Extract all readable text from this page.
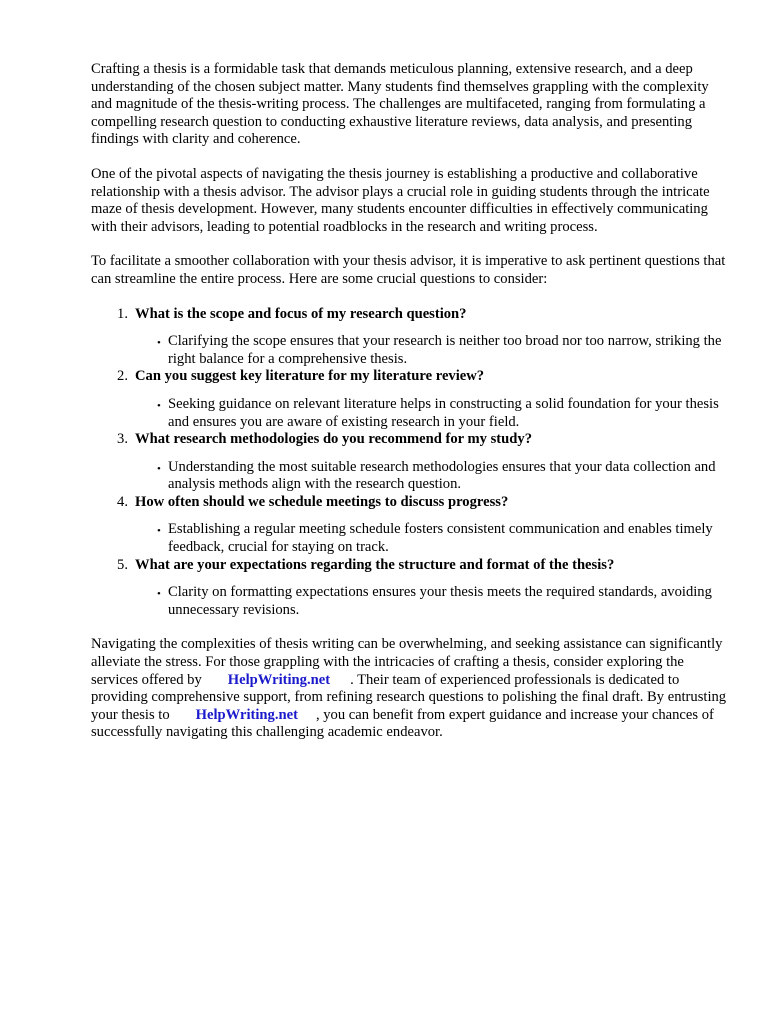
Crafting a thesis is a formidable task that demands meticulous planning, extensive research, and a deep understanding of the chosen subject matter. Many students find themselves grappling with the complexity and magnitude of the thesis-writing process. The challenges are multifaceted, ranging from formulating a compelling research question to conducting exhaustive literature reviews, data analysis, and presenting findings with clarity and coherence.

One of the pivotal aspects of navigating the thesis journey is establishing a productive and collaborative relationship with a thesis advisor. The advisor plays a crucial role in guiding students through the intricate maze of thesis development. However, many students encounter difficulties in effectively communicating with their advisors, leading to potential roadblocks in the research and writing process.

To facilitate a smoother collaboration with your thesis advisor, it is imperative to ask pertinent questions that can streamline the entire process. Here are some crucial questions to consider:

1. What is the scope and focus of my research question?
• Clarifying the scope ensures that your research is neither too broad nor too narrow, striking the right balance for a comprehensive thesis.
2. Can you suggest key literature for my literature review?
• Seeking guidance on relevant literature helps in constructing a solid foundation for your thesis and ensures you are aware of existing research in your field.
3. What research methodologies do you recommend for my study?
• Understanding the most suitable research methodologies ensures that your data collection and analysis methods align with the research question.
4. How often should we schedule meetings to discuss progress?
• Establishing a regular meeting schedule fosters consistent communication and enables timely feedback, crucial for staying on track.
5. What are your expectations regarding the structure and format of the thesis?
• Clarity on formatting expectations ensures your thesis meets the required standards, avoiding unnecessary revisions.

Navigating the complexities of thesis writing can be overwhelming, and seeking assistance can significantly alleviate the stress. For those grappling with the intricacies of crafting a thesis, consider exploring the services offered by HelpWriting.net . Their team of experienced professionals is dedicated to providing comprehensive support, from refining research questions to polishing the final draft. By entrusting your thesis to HelpWriting.net , you can benefit from expert guidance and increase your chances of successfully navigating this challenging academic endeavor.
